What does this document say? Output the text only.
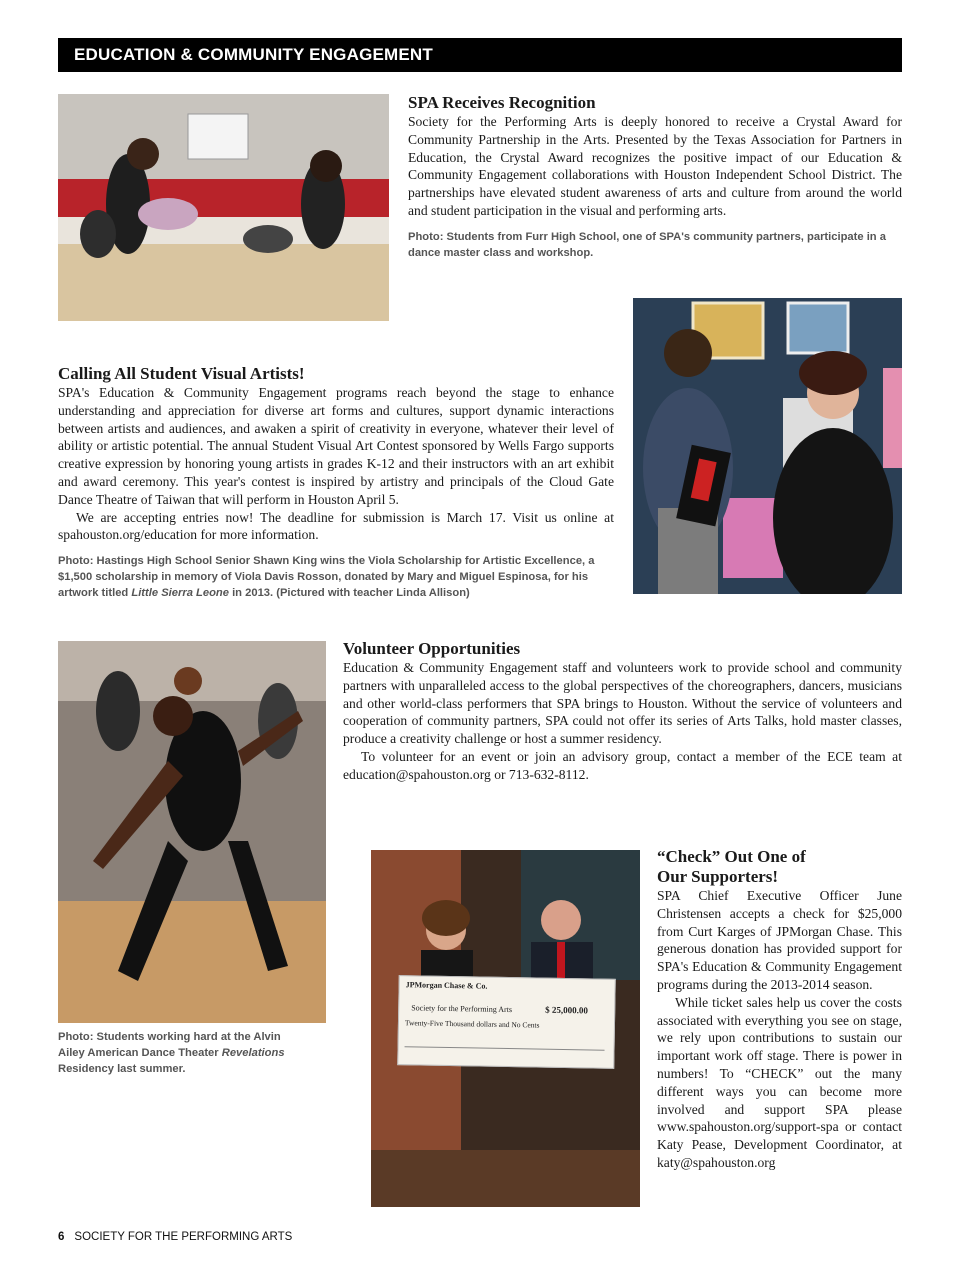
EDUCATION & COMMUNITY ENGAGEMENT
SPA Receives Recognition

Society for the Performing Arts is deeply honored to receive a Crystal Award for Community Partnership in the Arts. Presented by the Texas Association for Partners in Education, the Crystal Award recognizes the positive impact of our Education & Community Engagement collaborations with Houston Independent School District. The partnerships have elevated student awareness of arts and culture from around the world and student participation in the visual and performing arts.

Photo: Students from Furr High School, one of SPA's community partners, participate in a dance master class and workshop.
Calling All Student Visual Artists!

SPA's Education & Community Engagement programs reach beyond the stage to enhance understanding and appreciation for diverse art forms and cultures, support dynamic interactions between artists and audiences, and awaken a spirit of creativity in everyone, whatever their level of ability or artistic potential. The annual Student Visual Art Contest sponsored by Wells Fargo supports creative expression by honoring young artists in grades K-12 and their instructors with an art exhibit and award ceremony. This year's contest is inspired by artistry and principals of the Cloud Gate Dance Theatre of Taiwan that will perform in Houston April 5.

We are accepting entries now! The deadline for submission is March 17. Visit us online at spahouston.org/education for more information.

Photo: Hastings High School Senior Shawn King wins the Viola Scholarship for Artistic Excellence, a $1,500 scholarship in memory of Viola Davis Rosson, donated by Mary and Miguel Espinosa, for his artwork titled Little Sierra Leone in 2013. (Pictured with teacher Linda Allison)
Photo: Students working hard at the Alvin Ailey American Dance Theater Revelations Residency last summer.
Volunteer Opportunities

Education & Community Engagement staff and volunteers work to provide school and community partners with unparalleled access to the global perspectives of the choreographers, dancers, musicians and other world-class performers that SPA brings to Houston. Without the service of volunteers and cooperation of community partners, SPA could not offer its series of Arts Talks, hold master classes, produce a creativity challenge or host a summer residency.

To volunteer for an event or join an advisory group, contact a member of the ECE team at education@spahouston.org or 713-632-8112.

JPMorgan Chase & Co.
Society for the Performing Arts	$ 25,000.00
Twenty-Five Thousand dollars and No Cents
“Check” Out One of
Our Supporters!

SPA Chief Executive Officer June Christensen accepts a check for $25,000 from Curt Karges of JPMorgan Chase. This generous donation has provided support for SPA's Education & Community Engagement programs during the 2013-2014 season.

While ticket sales help us cover the costs associated with everything you see on stage, we rely upon contributions to sustain our important work off stage. There is power in numbers! To “CHECK” out the many different ways you can become more involved and support SPA please www.spahouston.org/support-spa or contact Katy Pease, Development Coordinator, at katy@spahouston.org

6 SOCIETY FOR THE PERFORMING ARTS
